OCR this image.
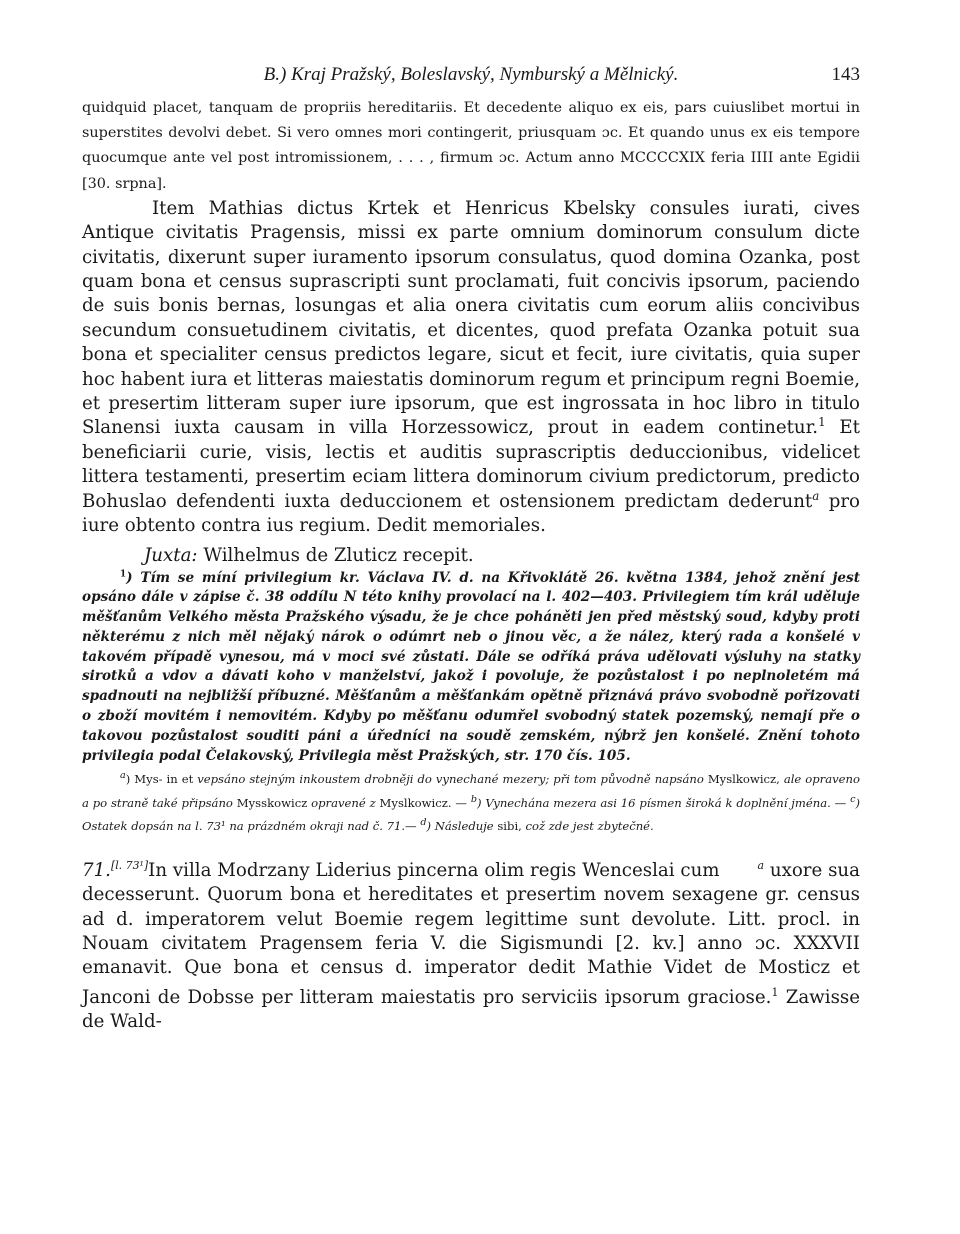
B.) Kraj Pražský, Boleslavský, Nymburský a Mělnický.	143

quidquid placet, tanquam de propriis hereditariis. Et decedente aliquo ex eis, pars cuiuslibet mortui in superstites devolvi debet. Si vero omnes mori contingerit, priusquam ɔc. Et quando unus ex eis tempore quocumque ante vel post intromissionem, . . . , firmum ɔc. Actum anno MCCCCXIX feria IIII ante Egidii [30. srpna].

Item Mathias dictus Krtek et Henricus Kbelsky consules iurati, cives Antique civitatis Pragensis, missi ex parte omnium dominorum consulum dicte civitatis, dixerunt super iuramento ipsorum consulatus, quod domina Ozanka, post quam bona et census suprascripti sunt proclamati, fuit concivis ipsorum, paciendo de suis bonis bernas, losungas et alia onera civitatis cum eorum aliis concivibus secundum consuetudinem civitatis, et dicentes, quod prefata Ozanka potuit sua bona et specialiter census predictos legare, sicut et fecit, iure civitatis, quia super hoc habent iura et litteras maiestatis dominorum regum et principum regni Boemie, et presertim litteram super iure ipsorum, que est ingrossata in hoc libro in titulo Slanensi iuxta causam in villa Horzessowicz, prout in eadem continetur.$^1$ Et beneficiarii curie, visis, lectis et auditis suprascriptis deduccionibus, videlicet littera testamenti, presertim eciam littera dominorum civium predictorum, predicto Bohuslao defendenti iuxta deduccionem et ostensionem predictam dederunt$^a$ pro iure obtento contra ius regium. Dedit memoriales.

Juxta: Wilhelmus de Zluticz recepit.

$^1$) Tím se míní privilegium kr. Václava IV. d. na Křivoklátě 26. května 1384, jehož znění jest opsáno dále v zápise č. 38 oddílu N této knihy provolací na l. 402—403. Privilegiem tím král uděluje měšťanům Velkého města Pražského výsadu, že je chce poháněti jen před městský soud, kdyby proti některému z nich měl nějaký nárok o odúmrt neb o jinou věc, a že nález, který rada a konšelé v takovém případě vynesou, má v moci své zůstati. Dále se odříká práva udělovati výsluhy na statky sirotků a vdov a dávati koho v manželství, jakož i povoluje, že pozůstalost i po neplnoletém má spadnouti na nejbližší příbuzné. Měšťanům a měšťankám opětně přiznává právo svobodně pořizovati o zboží movitém i nemovitém. Kdyby po měšťanu odumřel svobodný statek pozemský, nemají pře o takovou pozůstalost souditi páni a úředníci na soudě zemském, nýbrž jen konšelé. Znění tohoto privilegia podal Čelakovský, Privilegia měst Pražských, str. 170 čís. 105.

$^a$) Mys- in et vepsáno stejným inkoustem drobněji do vynechané mezery; při tom původně napsáno Myslkowicz, ale opraveno a po straně také připsáno Mysskowicz opravené z Myslkowicz. — $^b$) Vynechána mezera asi 16 písmen široká k doplnění jména. — $^c$) Ostatek dopsán na l. 73¹ na prázdném okraji nad č. 71.— $^d$) Následuje sibi, což zde jest zbytečné.

71.[l. 73¹]In villa Modrzany Liderius pincerna olim regis Wenceslai cum	$^a$ uxore sua decesserunt. Quorum bona et hereditates et presertim novem sexagene gr. census ad d. imperatorem velut Boemie regem legittime sunt devolute. Litt. procl. in Nouam civitatem Pragensem feria V. die Sigismundi [2. kv.] anno ɔc. XXXVII emanavit. Que bona et census d. imperator dedit Mathie Videt de Mosticz et Janconi de Dobsse per litteram maiestatis pro serviciis ipsorum graciose.$^1$ Zawisse de Wald-
